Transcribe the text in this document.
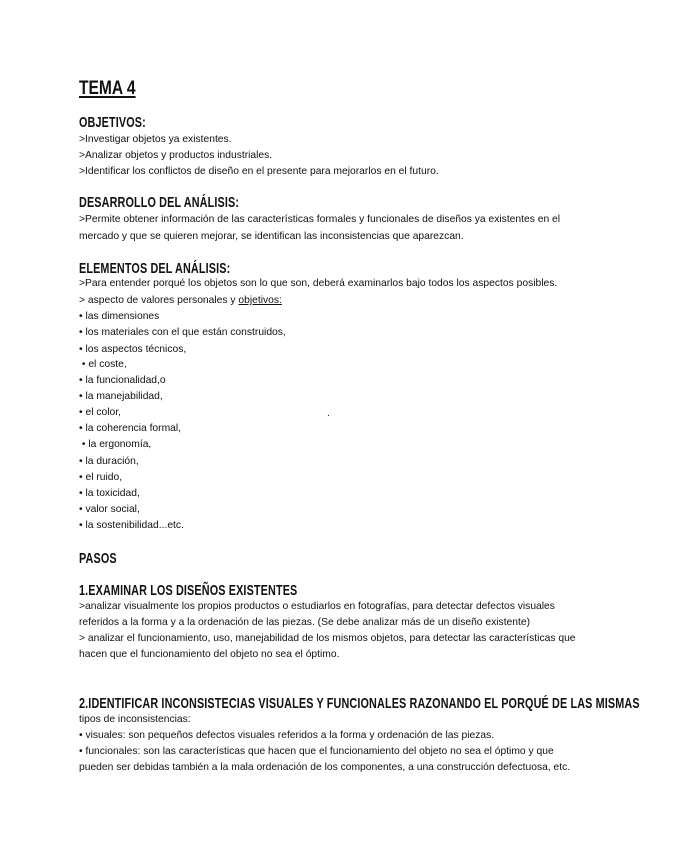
TEMA 4
OBJETIVOS:

>Investigar objetos ya existentes.

>Analizar objetos y productos industriales.

>Identificar los conflictos de diseño en el presente para mejorarlos en el futuro.

DESARROLLO DEL ANÁLISIS:

>Permite obtener información de las características formales y funcionales de diseños ya existentes en el

mercado y que se quieren mejorar, se identifican las inconsistencias que aparezcan.

ELEMENTOS DEL ANÁLISIS:

>Para entender porqué los objetos son lo que son, deberá examinarlos bajo todos los aspectos posibles.

> aspecto de valores personales y objetivos:

• las dimensiones

• los materiales con el que están construidos,

• los aspectos técnicos,

• el coste,

• la funcionalidad,o

• la manejabilidad,

• el color,	.

• la coherencia formal,

• la ergonomía,

• la duración,

• el ruido,

• la toxicidad,

• valor social,

• la sostenibilidad...etc.

PASOS
1.EXAMINAR LOS DISEÑOS EXISTENTES

>analizar visualmente los propios productos o estudiarlos en fotografías, para detectar defectos visuales

referidos a la forma y a la ordenación de las piezas. (Se debe analizar más de un diseño existente)

> analizar el funcionamiento, uso, manejabilidad de los mismos objetos, para detectar las características que

hacen que el funcionamiento del objeto no sea el óptimo.

2.IDENTIFICAR INCONSISTECIAS VISUALES Y FUNCIONALES RAZONANDO EL PORQUÉ DE LAS MISMAS

tipos de inconsistencias:

• visuales: son pequeños defectos visuales referidos a la forma y ordenación de las piezas.

• funcionales: son las características que hacen que el funcionamiento del objeto no sea el óptimo y que

pueden ser debidas también a la mala ordenación de los componentes, a una construcción defectuosa, etc.
